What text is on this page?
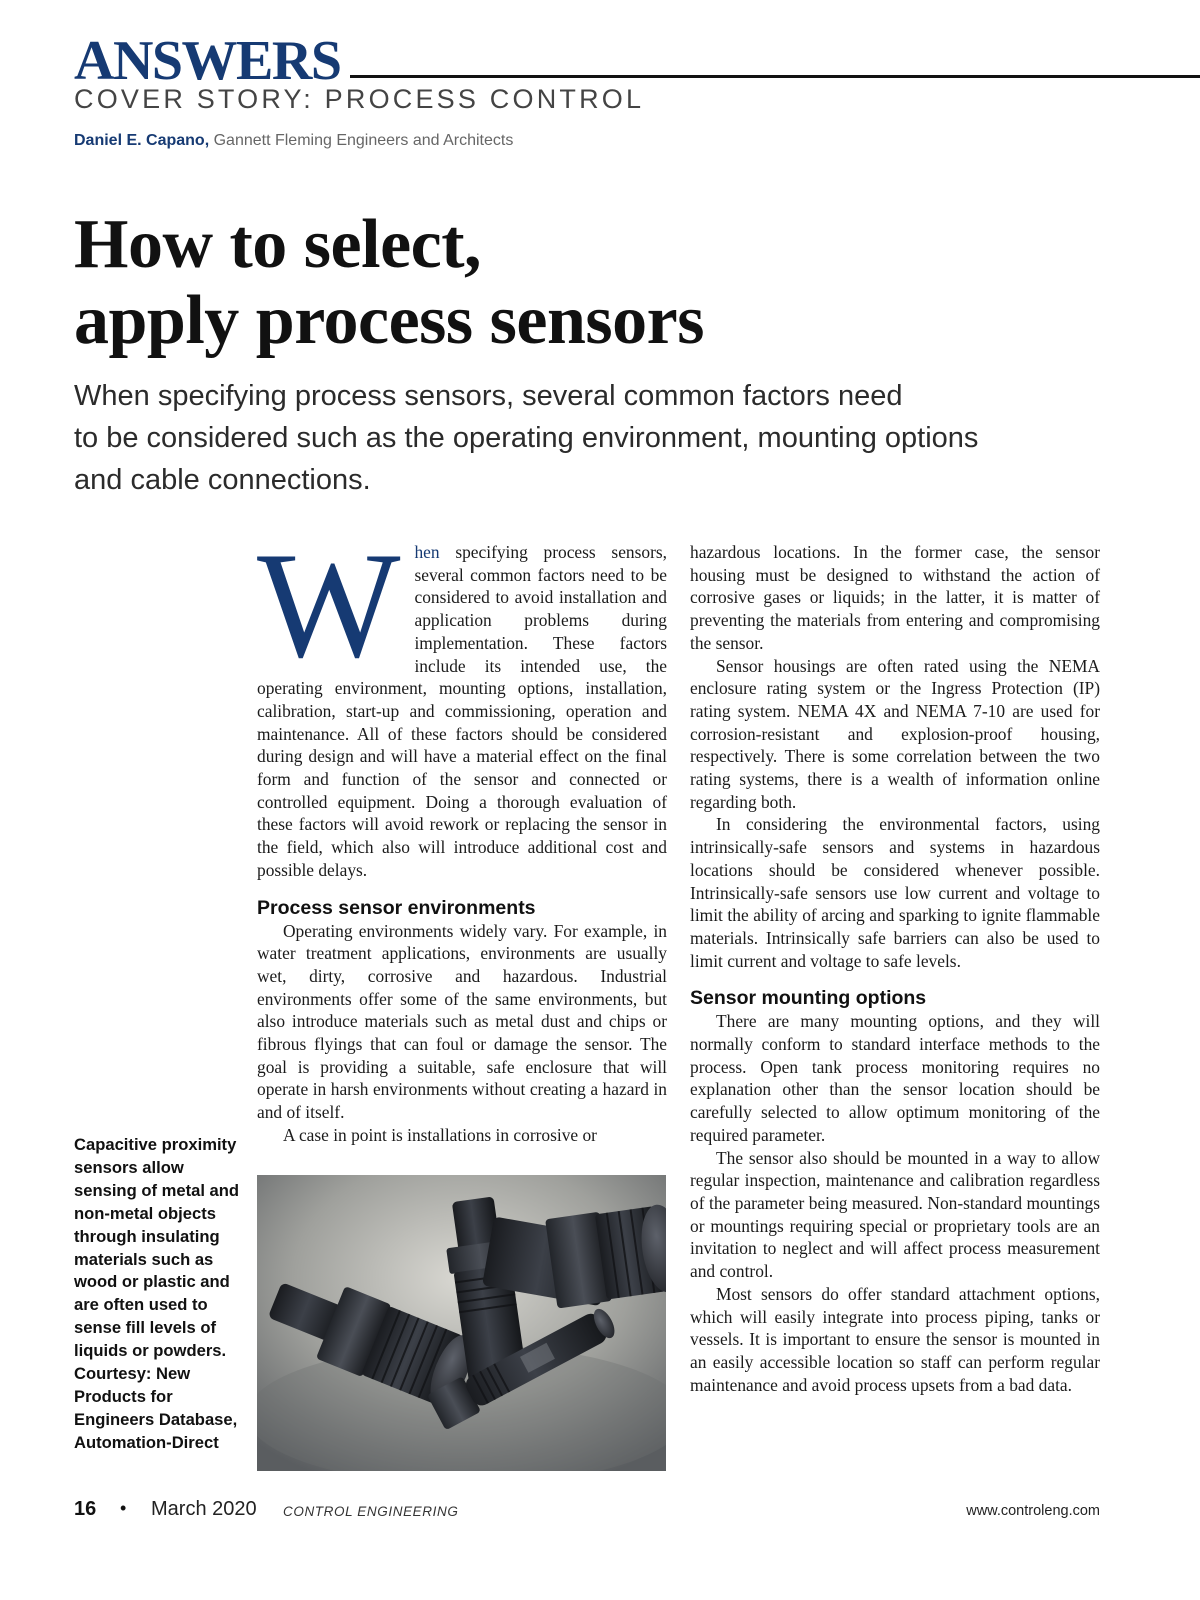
ANSWERS
COVER STORY: PROCESS CONTROL
Daniel E. Capano, Gannett Fleming Engineers and Architects
How to select,
apply process sensors
When specifying process sensors, several common factors need
to be considered such as the operating environment, mounting options
and cable connections.
W hen specifying process sensors, several common factors need to be considered to avoid installation and application problems during implementation. These factors include its intended use, the operating environment, mounting options, installation, calibration, start-up and commissioning, operation and maintenance. All of these factors should be considered during design and will have a material effect on the final form and function of the sensor and connected or controlled equipment. Doing a thorough evaluation of these factors will avoid rework or replacing the sensor in the field, which also will introduce additional cost and possible delays.

Process sensor environments

Operating environments widely vary. For example, in water treatment applications, environments are usually wet, dirty, corrosive and hazardous. Industrial environments offer some of the same environments, but also introduce materials such as metal dust and chips or fibrous flyings that can foul or damage the sensor. The goal is providing a suitable, safe enclosure that will operate in harsh environments without creating a hazard in and of itself.

A case in point is installations in corrosive or

hazardous locations. In the former case, the sensor housing must be designed to withstand the action of corrosive gases or liquids; in the latter, it is matter of preventing the materials from entering and compromising the sensor.

Sensor housings are often rated using the NEMA enclosure rating system or the Ingress Protection (IP) rating system. NEMA 4X and NEMA 7-10 are used for corrosion-resistant and explosion-proof housing, respectively. There is some correlation between the two rating systems, there is a wealth of information online regarding both.

In considering the environmental factors, using intrinsically-safe sensors and systems in hazardous locations should be considered whenever possible. Intrinsically-safe sensors use low current and voltage to limit the ability of arcing and sparking to ignite flammable materials. Intrinsically safe barriers can also be used to limit current and voltage to safe levels.

Sensor mounting options

There are many mounting options, and they will normally conform to standard interface methods to the process. Open tank process monitoring requires no explanation other than the sensor location should be carefully selected to allow optimum monitoring of the required parameter.

The sensor also should be mounted in a way to allow regular inspection, maintenance and calibration regardless of the parameter being measured. Non-standard mountings or mountings requiring special or proprietary tools are an invitation to neglect and will affect process measurement and control.

Most sensors do offer standard attachment options, which will easily integrate into process piping, tanks or vessels. It is important to ensure the sensor is mounted in an easily accessible location so staff can perform regular maintenance and avoid process upsets from a bad data.

Capacitive proximity sensors allow sensing of metal and non-metal objects through insulating materials such as wood or plastic and are often used to sense fill levels of liquids or powders. Courtesy: New Products for Engineers Database, Automation-Direct
16 • March 2020 CONTROL ENGINEERING	www.controleng.com
